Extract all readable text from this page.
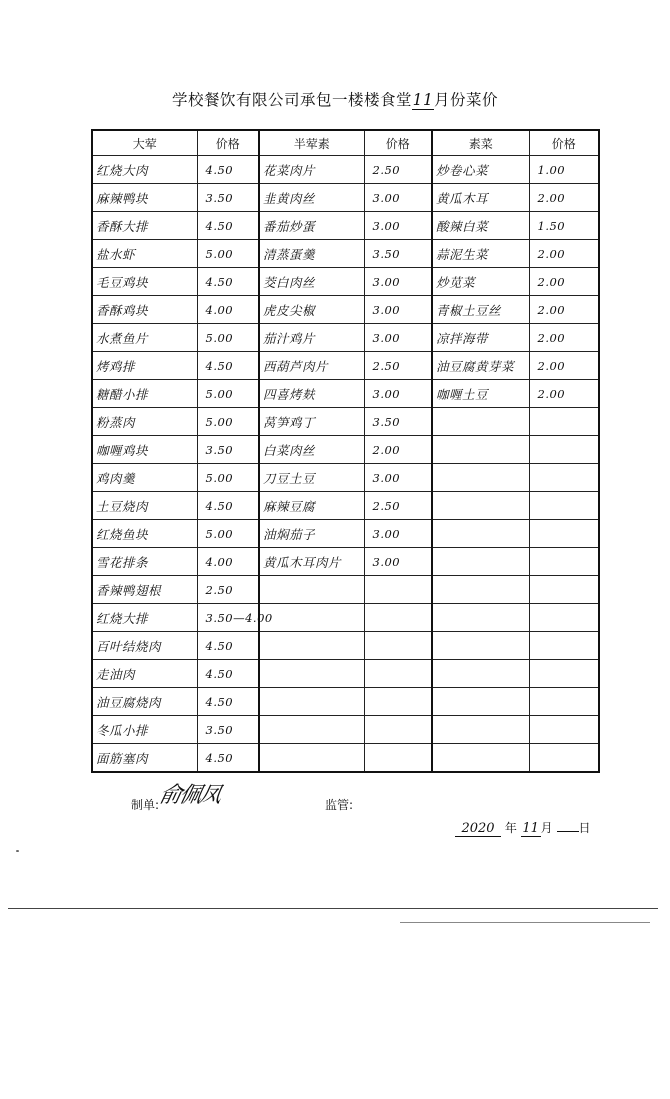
学校餐饮有限公司承包一楼楼食堂11月份菜价
大荤	价格	半荤素	价格	素菜	价格
红烧大肉	4.50	花菜肉片	2.50	炒卷心菜	1.00
麻辣鸭块	3.50	韭黄肉丝	3.00	黄瓜木耳	2.00
香酥大排	4.50	番茄炒蛋	3.00	酸辣白菜	1.50
盐水虾	5.00	清蒸蛋羹	3.50	蒜泥生菜	2.00
毛豆鸡块	4.50	茭白肉丝	3.00	炒苋菜	2.00
香酥鸡块	4.00	虎皮尖椒	3.00	青椒土豆丝	2.00
水煮鱼片	5.00	茄汁鸡片	3.00	凉拌海带	2.00
烤鸡排	4.50	西葫芦肉片	2.50	油豆腐黄芽菜	2.00
糖醋小排	5.00	四喜烤麸	3.00	咖喱土豆	2.00
粉蒸肉	5.00	莴笋鸡丁	3.50		
咖喱鸡块	3.50	白菜肉丝	2.00		
鸡肉羹	5.00	刀豆土豆	3.00		
土豆烧肉	4.50	麻辣豆腐	2.50		
红烧鱼块	5.00	油焖茄子	3.00		
雪花排条	4.00	黄瓜木耳肉片	3.00		
香辣鸭翅根	2.50				
红烧大排	3.50—4.00				
百叶结烧肉	4.50				
走油肉	4.50				
油豆腐烧肉	4.50				
冬瓜小排	3.50				
面筋塞肉	4.50				
制单:
俞佩凤	监管:
2020 年 11 月 日
